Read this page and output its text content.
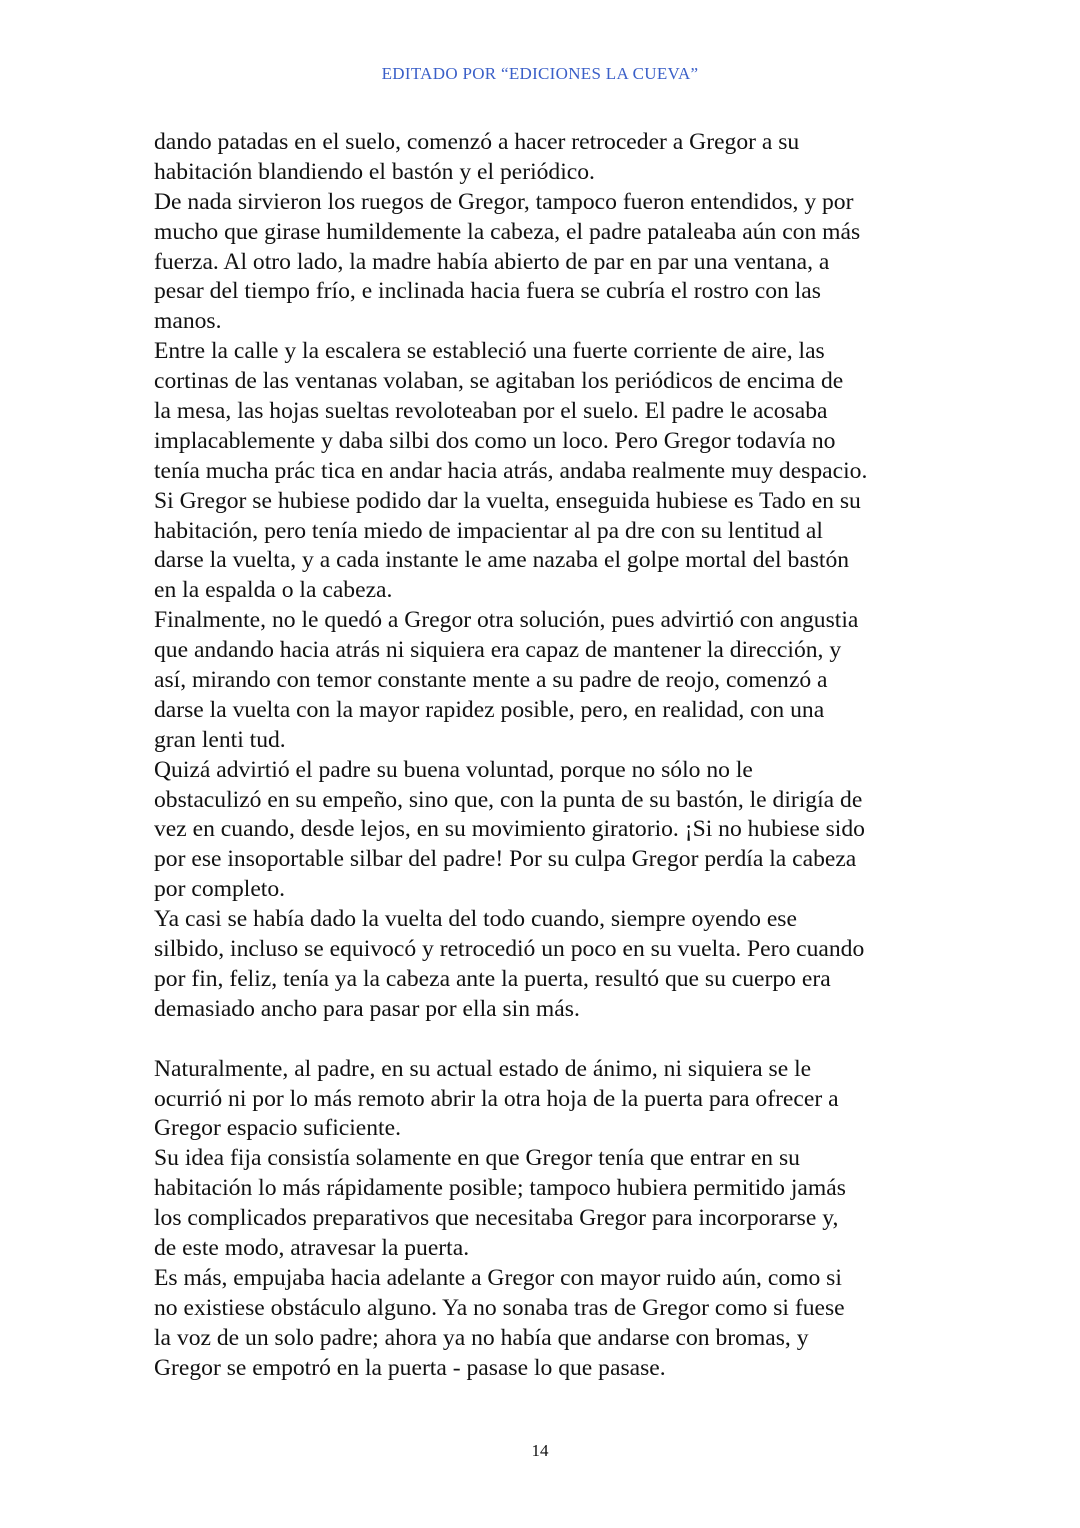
EDITADO POR “EDICIONES LA CUEVA”
dando patadas en el suelo, comenzó a hacer retroceder a Gregor a su
habitación blandiendo el bastón y el periódico.
De nada sirvieron los ruegos de Gregor, tampoco fueron entendidos, y por
mucho que girase humildemente la cabeza, el padre pataleaba aún con más
fuerza. Al otro lado, la madre había abierto de par en par una ventana, a
pesar del tiempo frío, e inclinada hacia fuera se cubría el rostro con las
manos.
Entre la calle y la escalera se estableció una fuerte corriente de aire, las
cortinas de las ventanas volaban, se agitaban los periódicos de encima de
la mesa, las hojas sueltas revoloteaban por el suelo. El padre le acosaba
implacablemente y daba silbi dos como un loco. Pero Gregor todavía no
tenía mucha prác tica en andar hacia atrás, andaba realmente muy despacio.
Si Gregor se hubiese podido dar la vuelta, enseguida hubiese es Tado en su
habitación, pero tenía miedo de impacientar al pa dre con su lentitud al
darse la vuelta, y a cada instante le ame nazaba el golpe mortal del bastón
en la espalda o la cabeza.
Finalmente, no le quedó a Gregor otra solución, pues advirtió con angustia
que andando hacia atrás ni siquiera era capaz de mantener la dirección, y
así, mirando con temor constante mente a su padre de reojo, comenzó a
darse la vuelta con la mayor rapidez posible, pero, en realidad, con una
gran lenti tud.
Quizá advirtió el padre su buena voluntad, porque no sólo no le
obstaculizó en su empeño, sino que, con la punta de su bastón, le dirigía de
vez en cuando, desde lejos, en su movimiento giratorio. ¡Si no hubiese sido
por ese insoportable silbar del padre! Por su culpa Gregor perdía la cabeza
por completo.
Ya casi se había dado la vuelta del todo cuando, siempre oyendo ese
silbido, incluso se equivocó y retrocedió un poco en su vuelta. Pero cuando
por fin, feliz, tenía ya la cabeza ante la puerta, resultó que su cuerpo era
demasiado ancho para pasar por ella sin más.
Naturalmente, al padre, en su actual estado de ánimo, ni siquiera se le
ocurrió ni por lo más remoto abrir la otra hoja de la puerta para ofrecer a
Gregor espacio suficiente.
Su idea fija consistía solamente en que Gregor tenía que entrar en su
habitación lo más rápidamente posible; tampoco hubiera permitido jamás
los complicados preparativos que necesitaba Gregor para incorporarse y,
de este modo, atravesar la puerta.
Es más, empujaba hacia adelante a Gregor con mayor ruido aún, como si
no existiese obstáculo alguno. Ya no sonaba tras de Gregor como si fuese
la voz de un solo padre; ahora ya no había que andarse con bromas, y
Gregor se empotró en la puerta - pasase lo que pasase.
14
